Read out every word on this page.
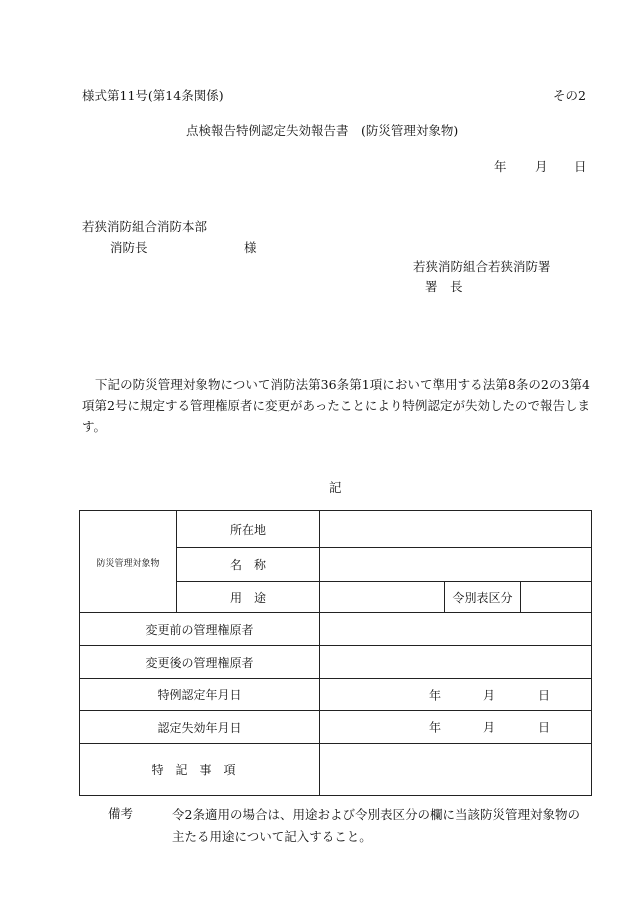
様式第11号(第14条関係)	その2
点検報告特例認定失効報告書　(防災管理対象物)
年 月 日
若狭消防組合消防本部
消防長	様
若狭消防組合若狭消防署
署　長
下記の防災管理対象物について消防法第36条第1項において準用する法第8条の2の3第4項第2号に規定する管理権原者に変更があったことにより特例認定が失効したので報告します。
記
防災管理対象物	所在地			
	名　称			
	用　途		令別表区分	
変更前の管理権原者				
変更後の管理権原者				
特例認定年月日		年 月 日		

認定失効年月日		年 月 日		

特記事項				
備考	令2条適用の場合は、用途および令別表区分の欄に当該防災管理対象物の主たる用途について記入すること。
